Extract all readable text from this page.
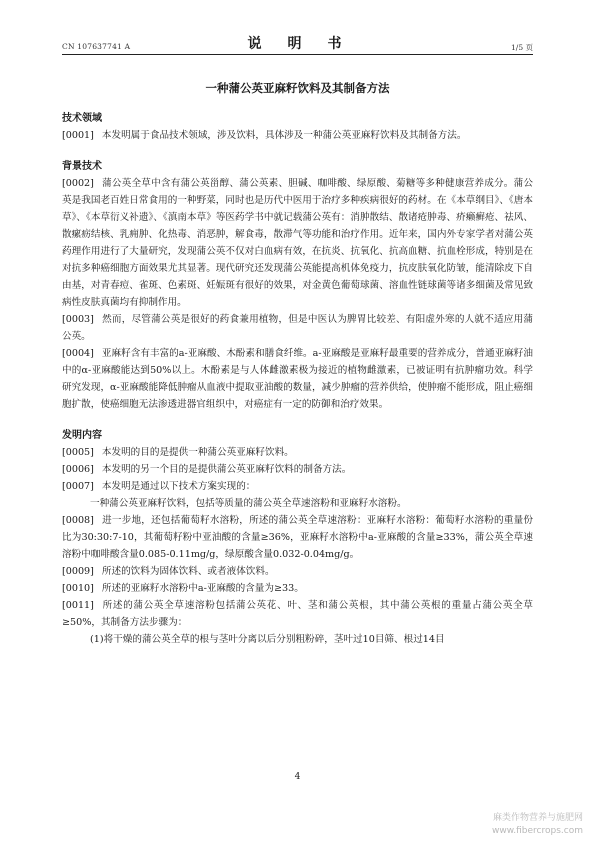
CN 107637741 A	说　明　书	1/5 页
一种蒲公英亚麻籽饮料及其制备方法
技术领域
[0001] 本发明属于食品技术领域，涉及饮料，具体涉及一种蒲公英亚麻籽饮料及其制备方法。
背景技术
[0002] 蒲公英全草中含有蒲公英甾醇、蒲公英素、胆碱、咖啡酸、绿原酸、菊糖等多种健康营养成分。蒲公英是我国老百姓日常食用的一种野菜，同时也是历代中医用于治疗多种疾病很好的药材。在《本草纲目》、《唐本草》、《本草衍义补遗》、《滇南本草》等医药学书中就记载蒲公英有：消肿散结、散诸疮肿毒、疥癞癣疮、祛风、散瘰疬结核、乳痈肿、化热毒、消恶肿，解食毒，散滞气等功能和治疗作用。近年来，国内外专家学者对蒲公英药理作用进行了大量研究，发现蒲公英不仅对白血病有效，在抗炎、抗氧化、抗高血糖、抗血栓形成，特别是在对抗多种癌细胞方面效果尤其显著。现代研究还发现蒲公英能提高机体免疫力，抗皮肤氧化防皱，能清除皮下自由基，对青春痘、雀斑、色素斑、妊娠斑有很好的效果，对金黄色葡萄球菌、溶血性链球菌等诸多细菌及常见致病性皮肤真菌均有抑制作用。
[0003] 然而，尽管蒲公英是很好的药食兼用植物，但是中医认为脾胃比较差、有阳虚外寒的人就不适应用蒲公英。
[0004] 亚麻籽含有丰富的a-亚麻酸、木酚素和膳食纤维。a-亚麻酸是亚麻籽最重要的营养成分，普通亚麻籽油中的α-亚麻酸能达到50%以上。木酚素是与人体雌激素极为接近的植物雌激素，已被证明有抗肿瘤功效。科学研究发现，α-亚麻酸能降低肿瘤从血液中提取亚油酸的数量，减少肿瘤的营养供给，使肿瘤不能形成，阻止癌细胞扩散，使癌细胞无法渗透进器官组织中，对癌症有一定的防御和治疗效果。
发明内容
[0005] 本发明的目的是提供一种蒲公英亚麻籽饮料。
[0006] 本发明的另一个目的是提供蒲公英亚麻籽饮料的制备方法。
[0007] 本发明是通过以下技术方案实现的：
一种蒲公英亚麻籽饮料，包括等质量的蒲公英全草速溶粉和亚麻籽水溶粉。
[0008] 进一步地，还包括葡萄籽水溶粉，所述的蒲公英全草速溶粉：亚麻籽水溶粉：葡萄籽水溶粉的重量份比为30:30:7-10，其葡萄籽粉中亚油酸的含量≥36%，亚麻籽水溶粉中a-亚麻酸的含量≥33%，蒲公英全草速溶粉中咖啡酸含量0.085-0.11mg/g，绿原酸含量0.032-0.04mg/g。
[0009] 所述的饮料为固体饮料、或者液体饮料。
[0010] 所述的亚麻籽水溶粉中a-亚麻酸的含量为≥33。
[0011] 所述的蒲公英全草速溶粉包括蒲公英花、叶、茎和蒲公英根，其中蒲公英根的重量占蒲公英全草≥50%，其制备方法步骤为：
(1)将干燥的蒲公英全草的根与茎叶分离以后分别粗粉碎，茎叶过10目筛、根过14目
4
麻类作物营养与施肥网
www.fibercrops.com
